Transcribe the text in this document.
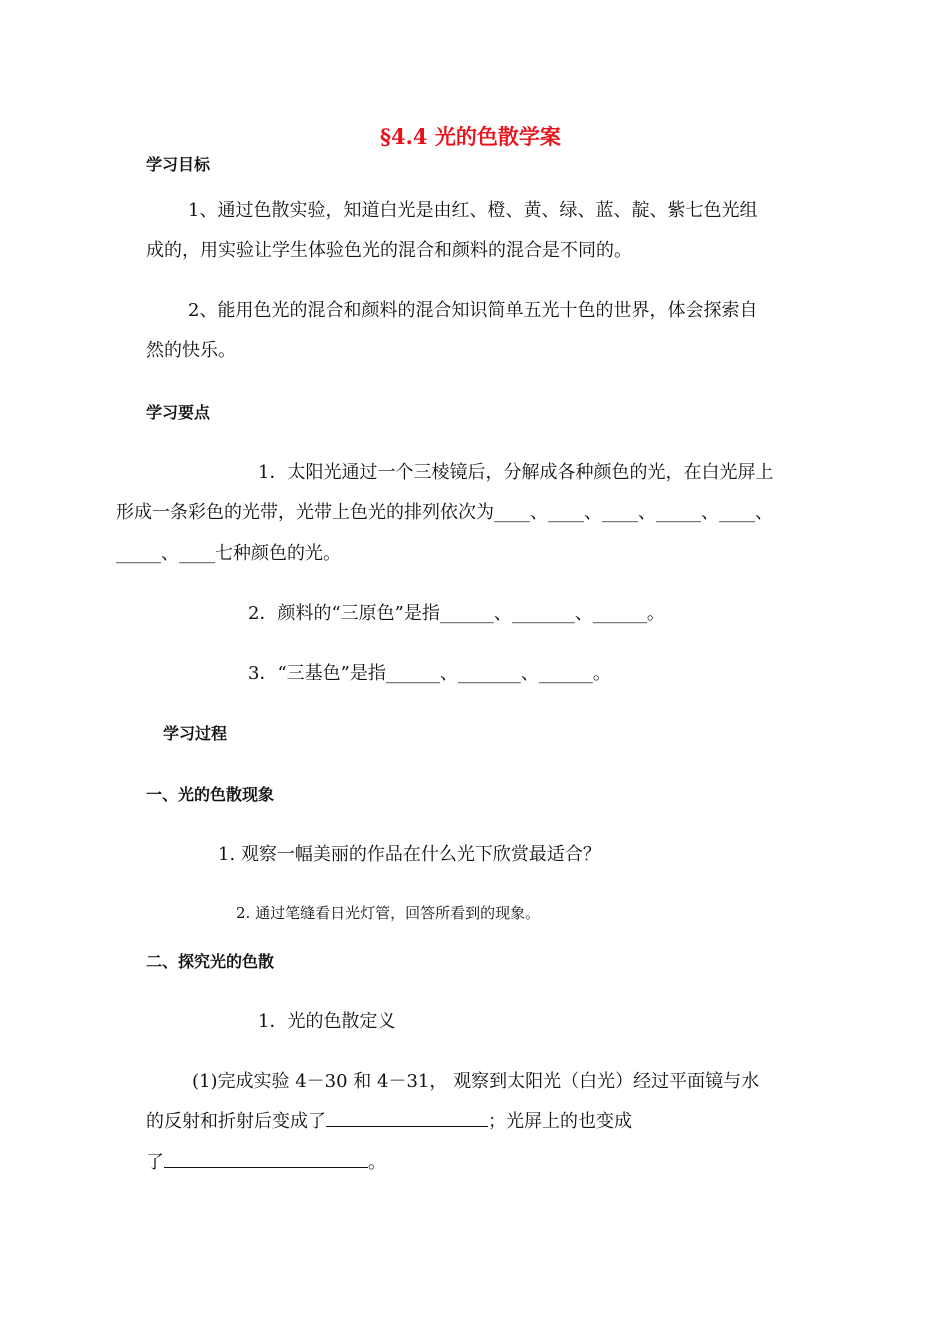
§4.4 光的色散学案
学习目标
1、通过色散实验，知道白光是由红、橙、黄、绿、蓝、靛、紫七色光组
成的，用实验让学生体验色光的混合和颜料的混合是不同的。
2、能用色光的混合和颜料的混合知识简单五光十色的世界，体会探索自
然的快乐。
学习要点
1．太阳光通过一个三棱镜后，分解成各种颜色的光，在白光屏上
形成一条彩色的光带，光带上色光的排列依次为____、____、____、_____、____、
_____、____七种颜色的光。
2．颜料的“三原色”是指______、_______、______。
3．“三基色”是指______、_______、______。
学习过程
一、光的色散现象
1. 观察一幅美丽的作品在什么光下欣赏最适合？
2. 通过笔缝看日光灯管，回答所看到的现象。
二、探究光的色散
1．光的色散定义
(1)完成实验 4－30 和 4－31， 观察到太阳光（白光）经过平面镜与水
的反射和折射后变成了	；光屏上的也变成
了	。
